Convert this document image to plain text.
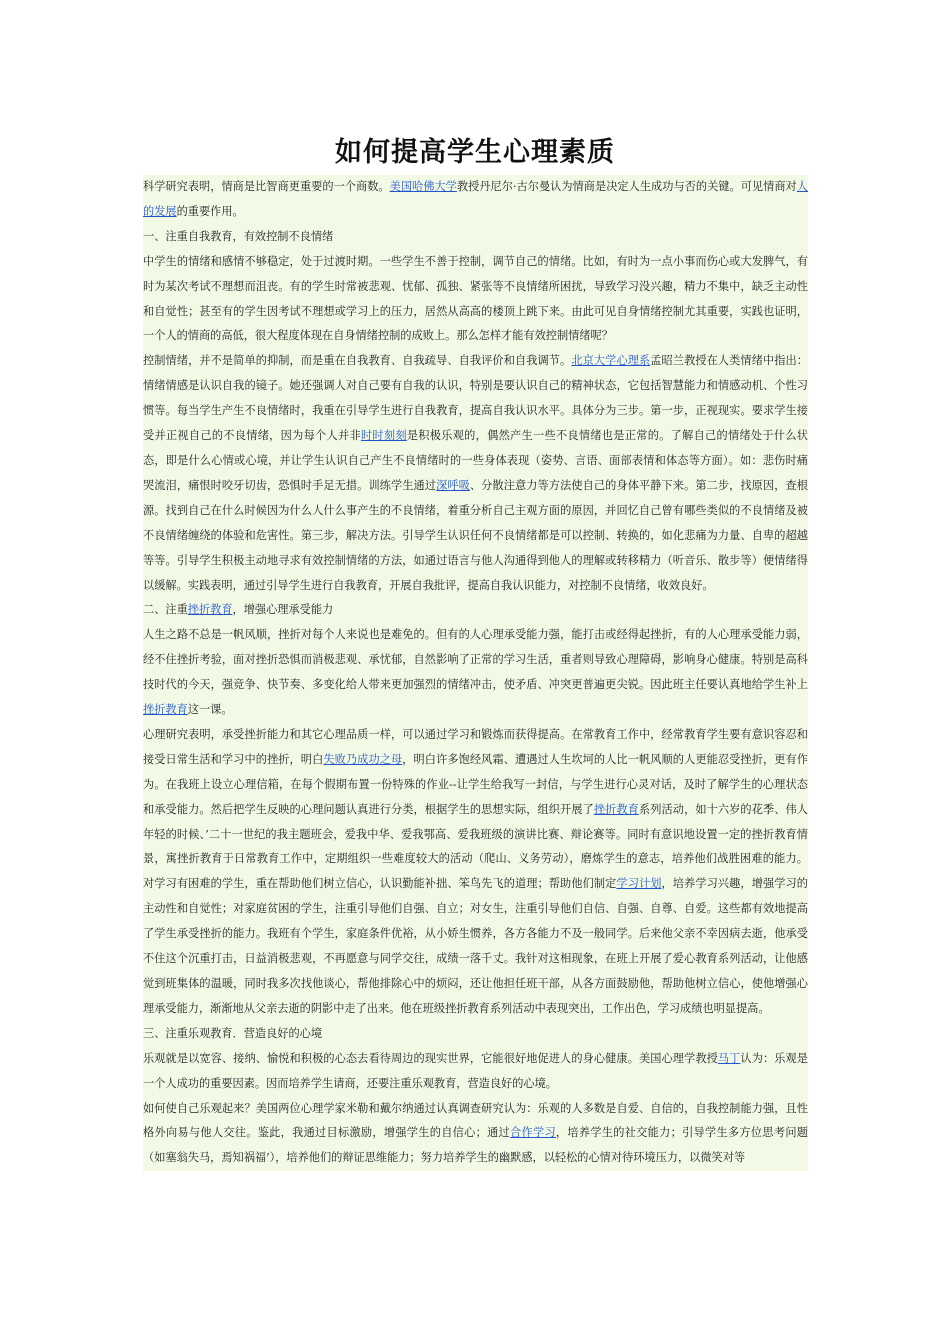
如何提高学生心理素质

科学研究表明，情商是比智商更重要的一个商数。美国哈佛大学教授丹尼尔·古尔曼认为情商是决定人生成功与否的关键。可见情商对人的发展的重要作用。

一、注重自我教育，有效控制不良情绪

中学生的情绪和感情不够稳定，处于过渡时期。一些学生不善于控制，调节自己的情绪。比如，有时为一点小事而伤心或大发脾气，有时为某次考试不理想而沮丧。有的学生时常被悲观、忧郁、孤独、紧张等不良情绪所困扰，导致学习没兴趣，精力不集中，缺乏主动性和自觉性；甚至有的学生因考试不理想或学习上的压力，居然从高高的楼顶上跳下来。由此可见自身情绪控制尤其重要，实践也证明，一个人的情商的高低，很大程度体现在自身情绪控制的成败上。那么怎样才能有效控制情绪呢？

控制情绪，并不是简单的抑制，而是重在自我教育、自我疏导、自我评价和自我调节。北京大学心理系孟昭兰教授在人类情绪中指出：情绪情感是认识自我的镜子。她还强调人对自己要有自我的认识，特别是要认识自己的精神状态，它包括智慧能力和情感动机、个性习惯等。每当学生产生不良情绪时，我重在引导学生进行自我教育，提高自我认识水平。具体分为三步。第一步，正视现实。要求学生接受并正视自己的不良情绪，因为每个人并非时时刻刻是积极乐观的，偶然产生一些不良情绪也是正常的。了解自己的情绪处于什么状态，即是什么心情或心境，并让学生认识自己产生不良情绪时的一些身体表现（姿势、言语、面部表情和体态等方面）。如：悲伤时痛哭流泪，痛恨时咬牙切齿，恐惧时手足无措。训练学生通过深呼吸、分散注意力等方法使自己的身体平静下来。第二步，找原因，查根源。找到自己在什么时候因为什么人什么事产生的不良情绪，着重分析自己主观方面的原因，并回忆自己曾有哪些类似的不良情绪及被不良情绪缠绕的体验和危害性。第三步，解决方法。引导学生认识任何不良情绪都是可以控制、转换的，如化悲痛为力量、自卑的超越等等。引导学生积极主动地寻求有效控制情绪的方法，如通过语言与他人沟通得到他人的理解或转移精力（听音乐、散步等）便情绪得以缓解。实践表明，通过引导学生进行自我教育，开展自我批评，提高自我认识能力，对控制不良情绪，收效良好。

二、注重挫折教育，增强心理承受能力

人生之路不总是一帆风顺，挫折对每个人来说也是难免的。但有的人心理承受能力强，能打击或经得起挫折，有的人心理承受能力弱，经不住挫折考验，面对挫折恐惧而消极悲观、承忧郁，自然影响了正常的学习生活，重者则导致心理障碍，影响身心健康。特别是高科技时代的今天，强竞争、快节奏、多变化给人带来更加强烈的情绪冲击，使矛盾、冲突更普遍更尖锐。因此班主任要认真地给学生补上挫折教育这一课。

心理研究表明，承受挫折能力和其它心理品质一样，可以通过学习和锻炼而获得提高。在常教育工作中，经常教育学生要有意识容忍和接受日常生活和学习中的挫折，明白失败乃成功之母，明白许多饱经风霜、遭遇过人生坎坷的人比一帆风顺的人更能忍受挫折，更有作为。在我班上设立心理信箱，在每个假期布置一份特殊的作业--让学生给我写一封信，与学生进行心灵对话，及时了解学生的心理状态和承受能力。然后把学生反映的心理问题认真进行分类，根据学生的思想实际，组织开展了挫折教育系列活动，如十六岁的花季、伟人年轻的时候、’二十一世纪的我主题班会，爱我中华、爱我鄂高、爱我班级的演讲比赛、辩论赛等。同时有意识地设置一定的挫折教育情景，寓挫折教育于日常教育工作中，定期组织一些难度较大的活动（爬山、义务劳动），磨炼学生的意志，培养他们战胜困难的能力。对学习有困难的学生，重在帮助他们树立信心，认识勤能补拙、笨鸟先飞的道理；帮助他们制定学习计划，培养学习兴趣，增强学习的主动性和自觉性；对家庭贫困的学生，注重引导他们自强、自立；对女生，注重引导他们自信、自强、自尊、自爱。这些都有效地提高了学生承受挫折的能力。我班有个学生，家庭条件优裕，从小娇生惯养，各方各能力不及一般同学。后来他父亲不幸因病去逝，他承受不住这个沉重打击，日益消极悲观，不再愿意与同学交往，成绩一落千丈。我针对这相现象，在班上开展了爱心教育系列活动，让他感觉到班集体的温暖，同时我多次找他谈心，帮他排除心中的烦闷，还让他担任班干部，从各方面鼓励他，帮助他树立信心，使他增强心理承受能力，渐渐地从父亲去逝的阴影中走了出来。他在班级挫折教育系列活动中表现突出，工作出色，学习成绩也明显提高。

三、注重乐观教育．营造良好的心境

乐观就是以宽容、接纳、愉悦和积极的心态去看待周边的现实世界，它能很好地促进人的身心健康。美国心理学教授马丁认为：乐观是一个人成功的重要因素。因而培养学生请商，还要注重乐观教育，营造良好的心境。

如何使自己乐观起来？美国两位心理学家米勒和戴尔纳通过认真调查研究认为：乐观的人多数是自爱、自信的，自我控制能力强，且性格外向易与他人交往。鉴此，我通过目标激励，增强学生的自信心；通过合作学习，培养学生的社交能力；引导学生多方位思考问题（如塞翁失马，焉知祸福’），培养他们的辩证思维能力；努力培养学生的幽默感，以轻松的心情对待环境压力，以微笑对等
